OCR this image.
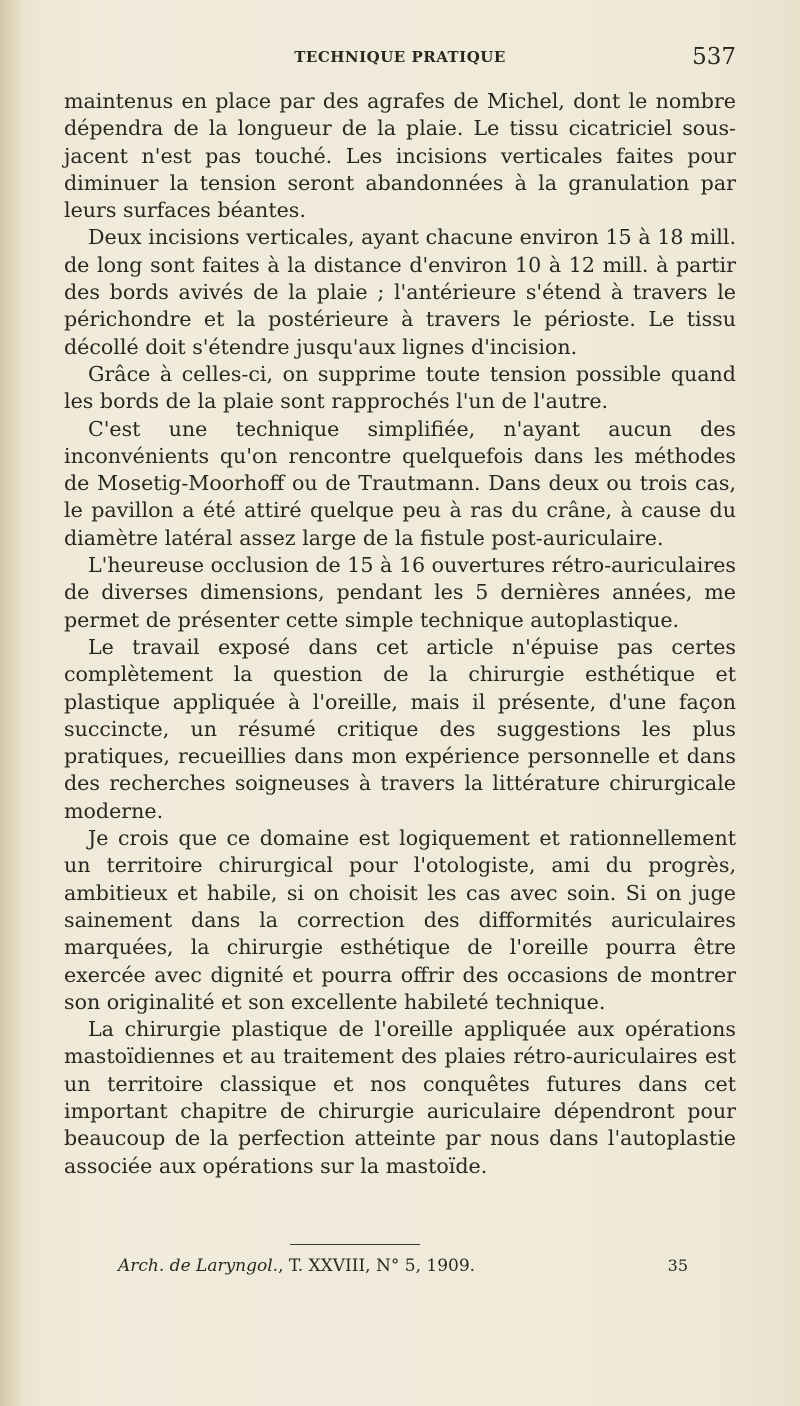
TECHNIQUE PRATIQUE	537

maintenus en place par des agrafes de Michel, dont le nombre dépendra de la longueur de la plaie. Le tissu cicatriciel sous-jacent n'est pas touché. Les incisions verticales faites pour diminuer la tension seront abandonnées à la granulation par leurs surfaces béantes.

Deux incisions verticales, ayant chacune environ 15 à 18 mill. de long sont faites à la distance d'environ 10 à 12 mill. à partir des bords avivés de la plaie ; l'antérieure s'étend à travers le périchondre et la postérieure à travers le périoste. Le tissu décollé doit s'étendre jusqu'aux lignes d'incision.

Grâce à celles-ci, on supprime toute tension possible quand les bords de la plaie sont rapprochés l'un de l'autre.

C'est une technique simplifiée, n'ayant aucun des inconvénients qu'on rencontre quelquefois dans les méthodes de Mosetig-Moorhoff ou de Trautmann. Dans deux ou trois cas, le pavillon a été attiré quelque peu à ras du crâne, à cause du diamètre latéral assez large de la fistule post-auriculaire.

L'heureuse occlusion de 15 à 16 ouvertures rétro-auriculaires de diverses dimensions, pendant les 5 dernières années, me permet de présenter cette simple technique autoplastique.

Le travail exposé dans cet article n'épuise pas certes complètement la question de la chirurgie esthétique et plastique appliquée à l'oreille, mais il présente, d'une façon succincte, un résumé critique des suggestions les plus pratiques, recueillies dans mon expérience personnelle et dans des recherches soigneuses à travers la littérature chirurgicale moderne.

Je crois que ce domaine est logiquement et rationnellement un territoire chirurgical pour l'otologiste, ami du progrès, ambitieux et habile, si on choisit les cas avec soin. Si on juge sainement dans la correction des difformités auriculaires marquées, la chirurgie esthétique de l'oreille pourra être exercée avec dignité et pourra offrir des occasions de montrer son originalité et son excellente habileté technique.

La chirurgie plastique de l'oreille appliquée aux opérations mastoïdiennes et au traitement des plaies rétro-auriculaires est un territoire classique et nos conquêtes futures dans cet important chapitre de chirurgie auriculaire dépendront pour beaucoup de la perfection atteinte par nous dans l'autoplastie associée aux opérations sur la mastoïde.

Arch. de Laryngol., T. XXVIII, N° 5, 1909.	35
